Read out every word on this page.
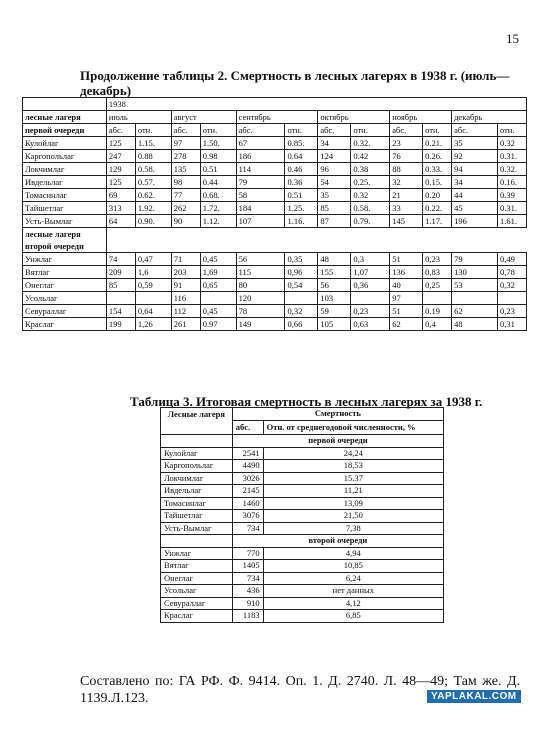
15
Продолжение таблицы 2. Смертность в лесных лагерях в 1938 г. (июль—декабрь)
	1938											
лесные лагеря	июль		август		сентябрь		октябрь		ноябрь		декабрь	
первой очереди	абс.	отн.	абс.	отн.	абс.	отн.	абс.	отн.	абс.	отн.	абс.	отн.
Кулойлаг	125	1.15.	97	1.50.	67	0.85.	34	0.32.	23	0.21.	35	0.32
Каргопольлаг	247	0.88	278	0.98	186	0.64	124	0.42	76	0.26.	92	0.31.
Локчимлаг	129	0.58.	135	0.51	114	0.46	96	0.38	88	0.33.	94	0.32.
Ивдельлаг	125	0.57.	98	0.44	79	0.36	54	0.25.	32	0.15.	34	0.16.
Томасинлаг	69	0.62.	77	0.68.	58	0.51	35	0.32	21	0.20	44	0.39
Тайшетлаг	313	1.92.	262	1.72.	184	1.25.	85	0.58.	33	0.22.	45	0.31.
Усть-Вымлаг	64	0.90.	90	1.12.	107	1.16.	87	0.79.	145	1.17.	196	1.61.
лесные лагеря												
второй очереди												
Унжлаг	74	0,47	71	0,45	56	0,35	48	0,3	51	0,23	79	0,49
Вятлаг	209	1,6	203	1,69	115	0,96	155	1,07	136	0,83	130	0,78
Онеглаг	85	0,59	91	0,65	80	0,54	56	0,36	40	0,25	53	0,32
Усольлаг			116		120		103		97			
Севураллаг	154	0,64	112	0,45	78	0,32	59	0,23	51	0.19	62	0,23
Краслаг	199	1,26	261	0.97	149	0,66	105	0,63	62	0,4	48	0,31
Таблица 3. Итоговая смертность в лесных лагерях за 1938 г.
Лесные лагеря	Смертность	
	абс.	Отн. от среднегодовой численности, %
	первой очереди	
Кулойлаг	2541	24,24
Каргопольлаг	4490	18,53
Локчимлаг	3026	15.37
Ивдельлаг	2145	11,21
Томасинлаг	1460	13,09
Тайшетлаг	3076	21,50
Усть-Вымлаг	734	7,38
	второй очереди	
Унжлаг	770	4,94
Вятлаг	1405	10,85
Онеглаг	734	6,24
Усольлаг	436	нет данных
Севураллаг	910	4,12
Краслаг	1183	6,85
Составлено по: ГА РФ. Ф. 9414. Оп. 1. Д. 2740. Л. 48—49; Там же. Д. 1139.Л.123.	YAPLAKAL.COM
